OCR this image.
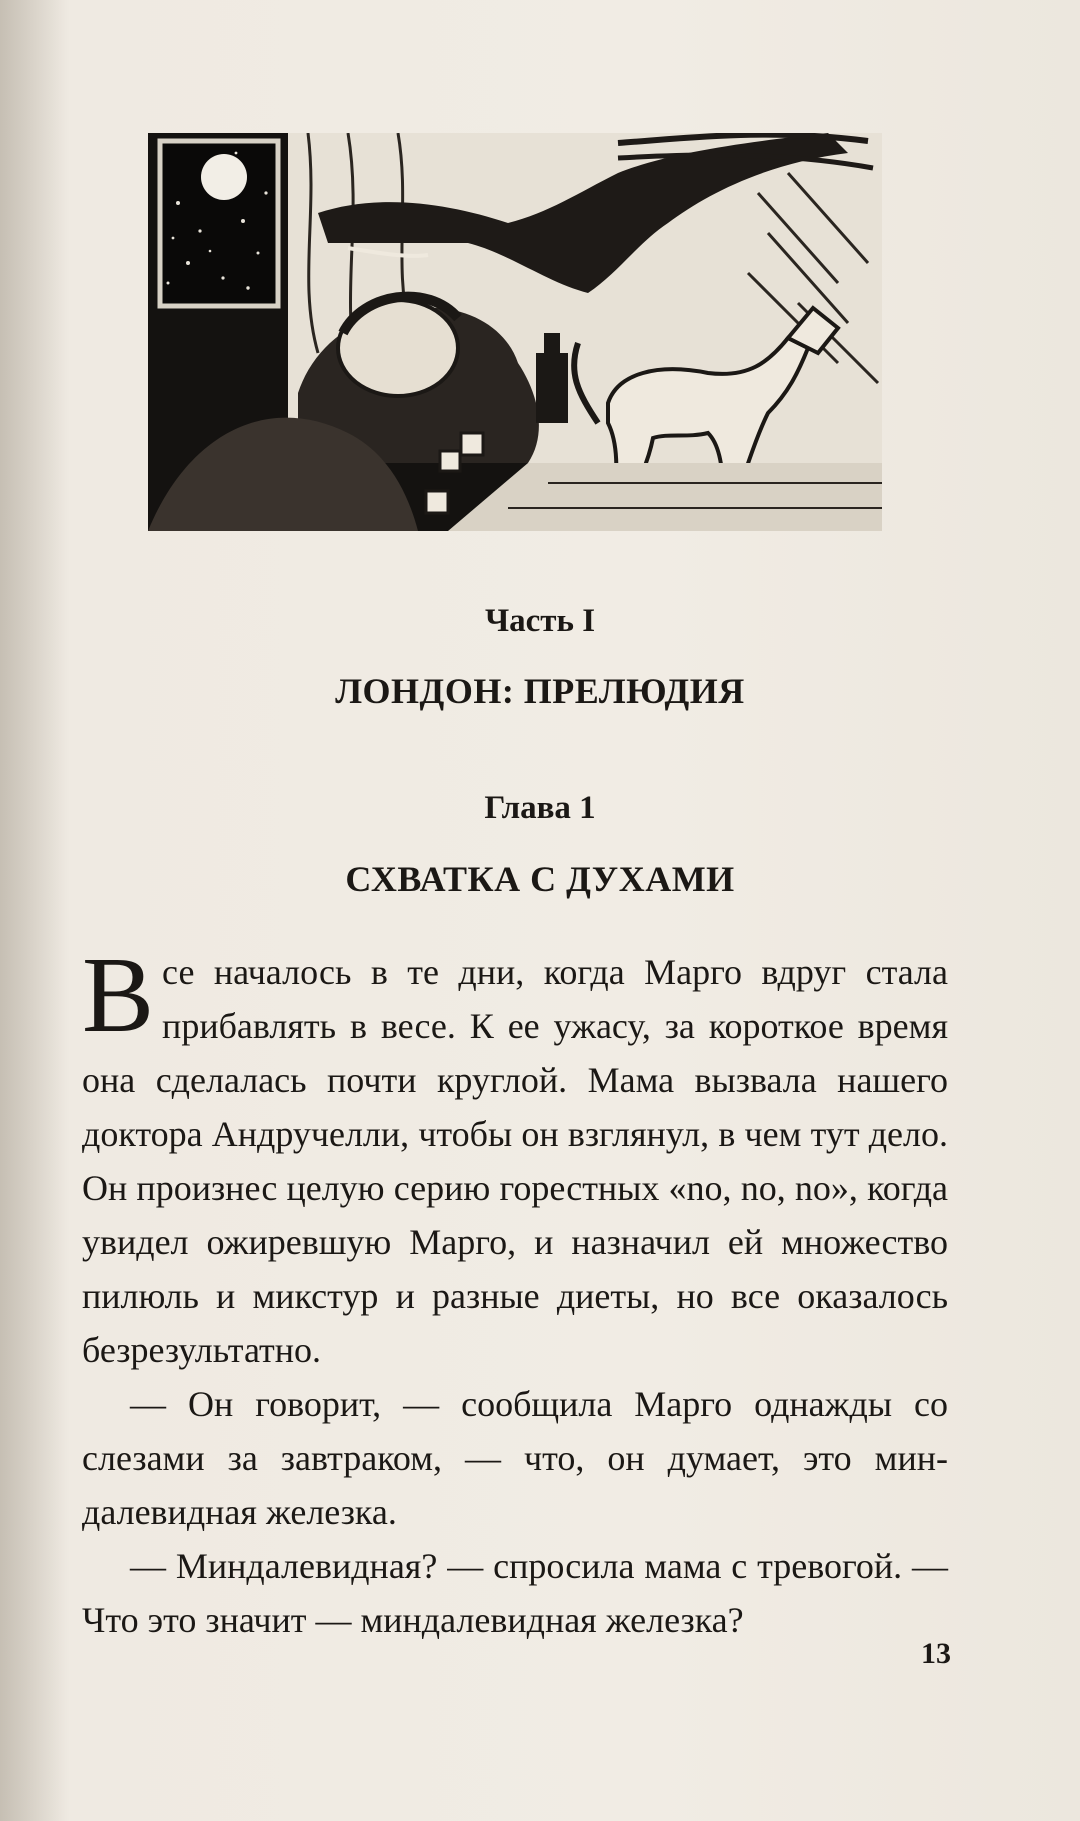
Часть I
ЛОНДОН: ПРЕЛЮДИЯ
Глава 1
СХВАТКА С ДУХАМИ

Все началось в те дни, когда Марго вдруг стала прибавлять в весе. К ее ужасу, за короткое время она сделалась почти круглой. Мама вызвала нашего доктора Андручелли, чтобы он взглянул, в чем тут дело. Он произнес целую серию горестных «no, no, no», когда увидел ожиревшую Марго, и назначил ей множество пилюль и микстур и разные диеты, но все оказалось безрезультатно.

— Он говорит, — сообщила Марго однажды со слезами за завтраком, — что, он думает, это миндалевидная железка.

— Миндалевидная? — спросила мама с тревогой. — Что это значит — миндалевидная железка?

13
